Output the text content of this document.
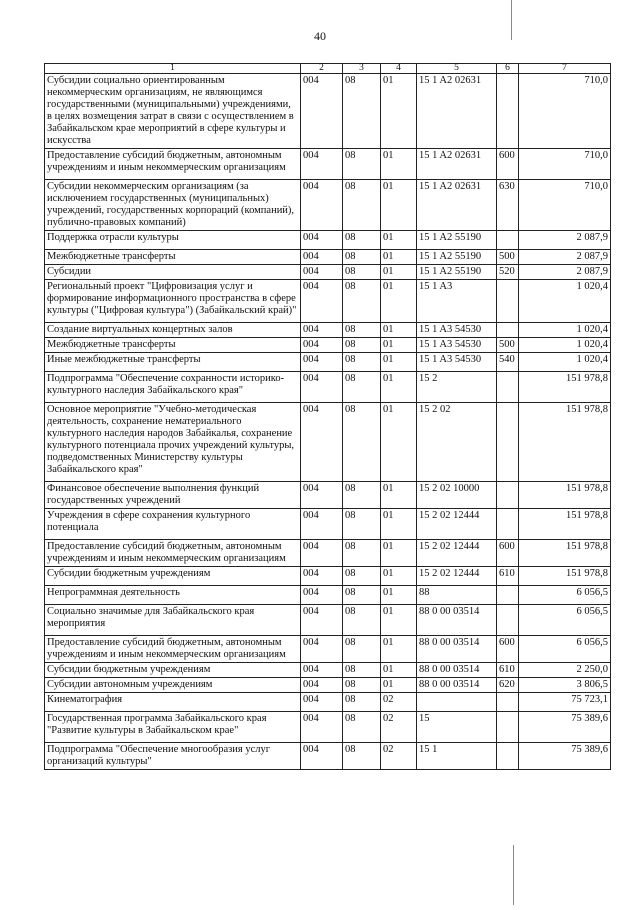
40
1	2	3	4	5	6	7
Субсидии социально ориентированным некоммерческим организациям, не являющимся государственными (муниципальными) учреждениями, в целях возмещения затрат в связи с осуществлением в Забайкальском крае мероприятий в сфере культуры и искусства	004	08	01	15 1 A2 02631		710,0
Предоставление субсидий бюджетным, автономным учреждениям и иным некоммерческим организациям	004	08	01	15 1 A2 02631	600	710,0
Субсидии некоммерческим организациям (за исключением государственных (муниципальных) учреждений, государственных корпораций (компаний), публично-правовых компаний)	004	08	01	15 1 A2 02631	630	710,0
Поддержка отрасли культуры	004	08	01	15 1 A2 55190		2 087,9
Межбюджетные трансферты	004	08	01	15 1 A2 55190	500	2 087,9
Субсидии	004	08	01	15 1 A2 55190	520	2 087,9
Региональный проект "Цифровизация услуг и формирование информационного пространства в сфере культуры ("Цифровая культура") (Забайкальский край)"	004	08	01	15 1 A3		1 020,4
Создание виртуальных концертных залов	004	08	01	15 1 A3 54530		1 020,4
Межбюджетные трансферты	004	08	01	15 1 A3 54530	500	1 020,4
Иные межбюджетные трансферты	004	08	01	15 1 A3 54530	540	1 020,4
Подпрограмма "Обеспечение сохранности историко-культурного наследия Забайкальского края"	004	08	01	15 2		151 978,8
Основное мероприятие "Учебно-методическая деятельность, сохранение нематериального культурного наследия народов Забайкалья, сохранение культурного потенциала прочих учреждений культуры, подведомственных Министерству культуры Забайкальского края"	004	08	01	15 2 02		151 978,8
Финансовое обеспечение выполнения функций государственных учреждений	004	08	01	15 2 02 10000		151 978,8
Учреждения в сфере сохранения культурного потенциала	004	08	01	15 2 02 12444		151 978,8
Предоставление субсидий бюджетным, автономным учреждениям и иным некоммерческим организациям	004	08	01	15 2 02 12444	600	151 978,8
Субсидии бюджетным учреждениям	004	08	01	15 2 02 12444	610	151 978,8
Непрограммная деятельность	004	08	01	88		6 056,5
Социально значимые для Забайкальского края мероприятия	004	08	01	88 0 00 03514		6 056,5
Предоставление субсидий бюджетным, автономным учреждениям и иным некоммерческим организациям	004	08	01	88 0 00 03514	600	6 056,5
Субсидии бюджетным учреждениям	004	08	01	88 0 00 03514	610	2 250,0
Субсидии автономным учреждениям	004	08	01	88 0 00 03514	620	3 806,5
Кинематография	004	08	02			75 723,1
Государственная программа Забайкальского края "Развитие культуры в Забайкальском крае"	004	08	02	15		75 389,6
Подпрограмма "Обеспечение многообразия услуг организаций культуры"	004	08	02	15 1		75 389,6
